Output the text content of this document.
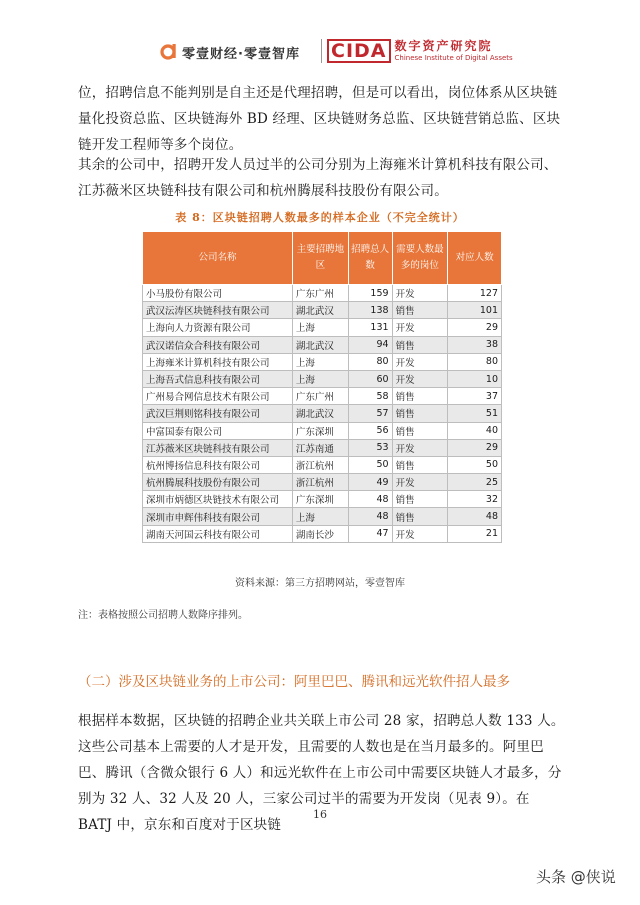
零壹财经·零壹智库 CIDA 数字资产研究院
Chinese Institute of Digital Assets

位，招聘信息不能判别是自主还是代理招聘，但是可以看出，岗位体系从区块链量化投资总监、区块链海外 BD 经理、区块链财务总监、区块链营销总监、区块链开发工程师等多个岗位。

其余的公司中，招聘开发人员过半的公司分别为上海雍米计算机科技有限公司、江苏薇米区块链科技有限公司和杭州腾展科技股份有限公司。

表 8：区块链招聘人数最多的样本企业（不完全统计）
公司名称	主要招聘地区	招聘总人数	需要人数最多的岗位	对应人数
小马股份有限公司	广东广州	159	开发	127
武汉沄涛区块链科技有限公司	湖北武汉	138	销售	101
上海向人力资源有限公司	上海	131	开发	29
武汉诺信众合科技有限公司	湖北武汉	94	销售	38
上海雍米计算机科技有限公司	上海	80	开发	80
上海吾式信息科技有限公司	上海	60	开发	10
广州易合网信息技术有限公司	广东广州	58	销售	37
武汉巨荆则铭科技有限公司	湖北武汉	57	销售	51
中富国泰有限公司	广东深圳	56	销售	40
江苏薇米区块链科技有限公司	江苏南通	53	开发	29
杭州博扬信息科技有限公司	浙江杭州	50	销售	50
杭州腾展科技股份有限公司	浙江杭州	49	开发	25
深圳市炳德区块链技术有限公司	广东深圳	48	销售	32
深圳市申辉伟科技有限公司	上海	48	销售	48
湖南天河国云科技有限公司	湖南长沙	47	开发	21
资料来源：第三方招聘网站，零壹智库
注：表格按照公司招聘人数降序排列。
（二）涉及区块链业务的上市公司：阿里巴巴、腾讯和远光软件招人最多

根据样本数据，区块链的招聘企业共关联上市公司 28 家，招聘总人数 133 人。这些公司基本上需要的人才是开发，且需要的人数也是在当月最多的。阿里巴巴、腾讯（含微众银行 6 人）和远光软件在上市公司中需要区块链人才最多，分别为 32 人、32 人及 20 人，三家公司过半的需要为开发岗（见表 9）。在 BATJ 中，京东和百度对于区块链

16
头条 @侠说
